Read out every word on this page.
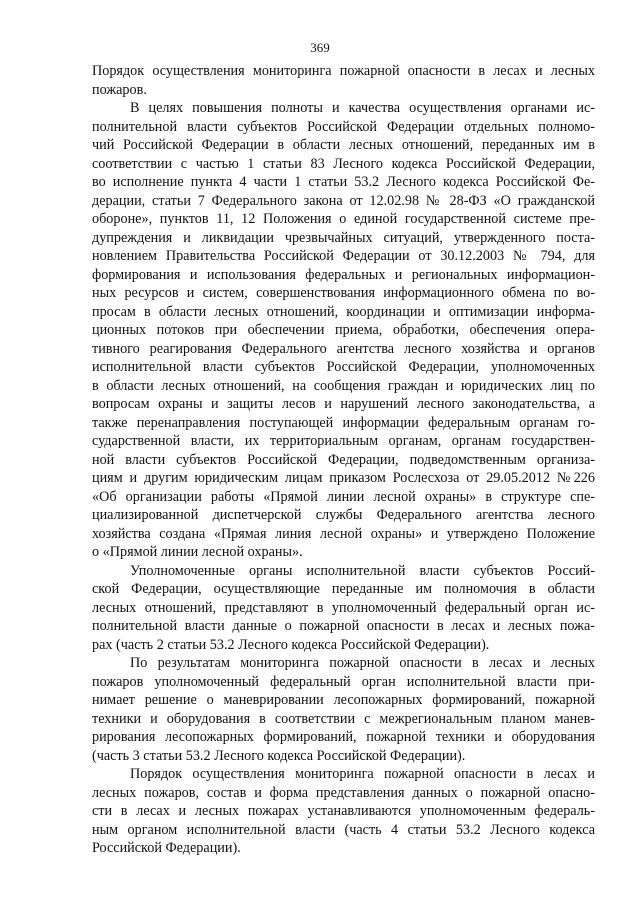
369

Порядок осуществления мониторинга пожарной опасности в лесах и лесных
пожаров.

В целях повышения полноты и качества осуществления органами ис-
полнительной власти субъектов Российской Федерации отдельных полномо-
чий Российской Федерации в области лесных отношений, переданных им в
соответствии с частью 1 статьи 83 Лесного кодекса Российской Федерации,
во исполнение пункта 4 части 1 статьи 53.2 Лесного кодекса Российской Фе-
дерации, статьи 7 Федерального закона от 12.02.98 № 28-ФЗ «О гражданской
обороне», пунктов 11, 12 Положения о единой государственной системе пре-
дупреждения и ликвидации чрезвычайных ситуаций, утвержденного поста-
новлением Правительства Российской Федерации от 30.12.2003 № 794, для
формирования и использования федеральных и региональных информацион-
ных ресурсов и систем, совершенствования информационного обмена по во-
просам в области лесных отношений, координации и оптимизации информа-
ционных потоков при обеспечении приема, обработки, обеспечения опера-
тивного реагирования Федерального агентства лесного хозяйства и органов
исполнительной власти субъектов Российской Федерации, уполномоченных
в области лесных отношений, на сообщения граждан и юридических лиц по
вопросам охраны и защиты лесов и нарушений лесного законодательства, а
также перенаправления поступающей информации федеральным органам го-
сударственной власти, их территориальным органам, органам государствен-
ной власти субъектов Российской Федерации, подведомственным организа-
циям и другим юридическим лицам приказом Рослесхоза от 29.05.2012 №226
«Об организации работы «Прямой линии лесной охраны» в структуре спе-
циализированной диспетчерской службы Федерального агентства лесного
хозяйства создана «Прямая линия лесной охраны» и утверждено Положение
о «Прямой линии лесной охраны».

Уполномоченные органы исполнительной власти субъектов Россий-
ской Федерации, осуществляющие переданные им полномочия в области
лесных отношений, представляют в уполномоченный федеральный орган ис-
полнительной власти данные о пожарной опасности в лесах и лесных пожа-
рах (часть 2 статьи 53.2 Лесного кодекса Российской Федерации).

По результатам мониторинга пожарной опасности в лесах и лесных
пожаров уполномоченный федеральный орган исполнительной власти при-
нимает решение о маневрировании лесопожарных формирований, пожарной
техники и оборудования в соответствии с межрегиональным планом манев-
рирования лесопожарных формирований, пожарной техники и оборудования
(часть 3 статьи 53.2 Лесного кодекса Российской Федерации).

Порядок осуществления мониторинга пожарной опасности в лесах и
лесных пожаров, состав и форма представления данных о пожарной опасно-
сти в лесах и лесных пожарах устанавливаются уполномоченным федераль-
ным органом исполнительной власти (часть 4 статьи 53.2 Лесного кодекса
Российской Федерации).
